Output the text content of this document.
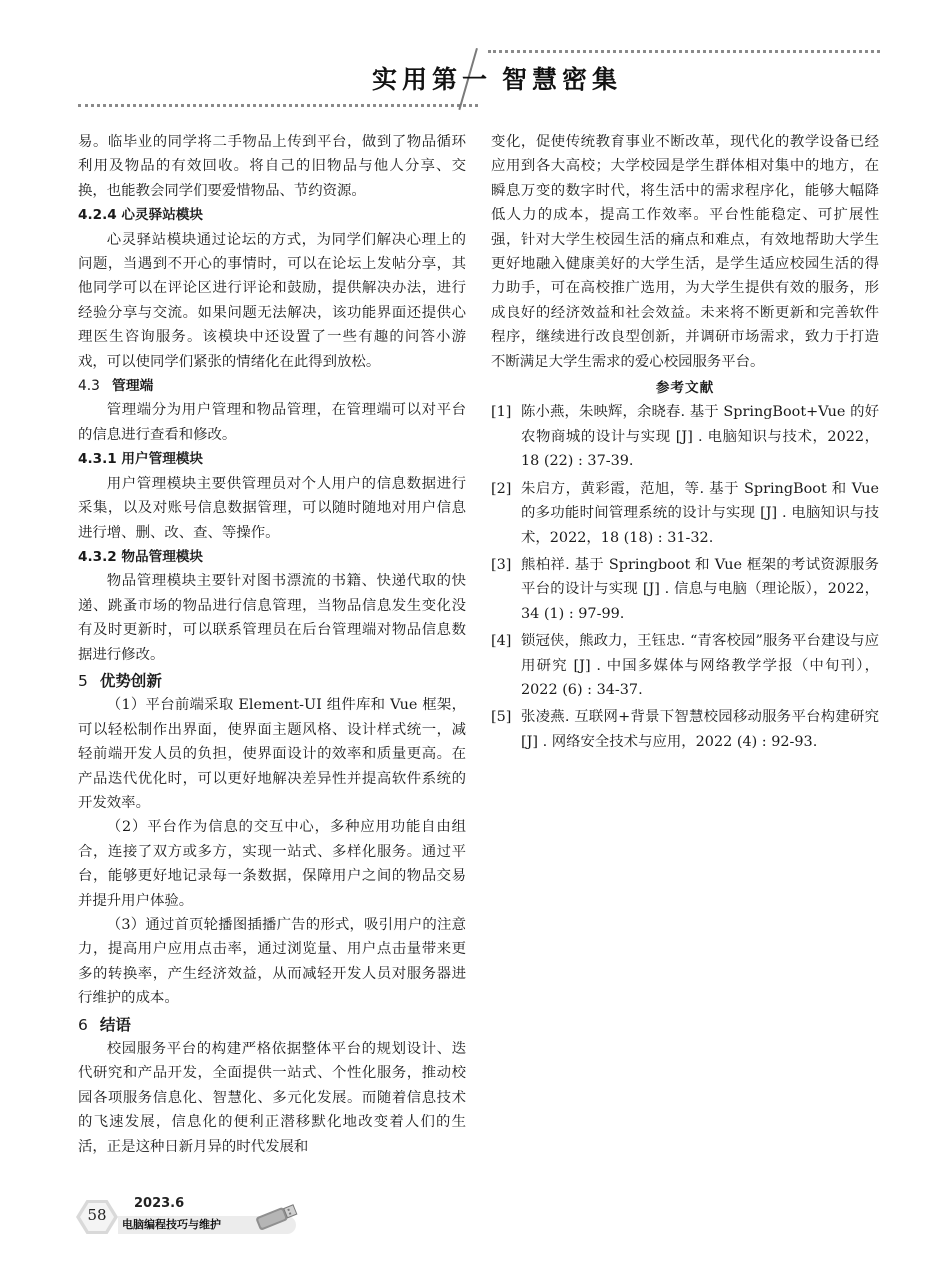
实用第一 智慧密集

易。临毕业的同学将二手物品上传到平台，做到了物品循环利用及物品的有效回收。将自己的旧物品与他人分享、交换，也能教会同学们要爱惜物品、节约资源。

4.2.4 心灵驿站模块

心灵驿站模块通过论坛的方式，为同学们解决心理上的问题，当遇到不开心的事情时，可以在论坛上发帖分享，其他同学可以在评论区进行评论和鼓励，提供解决办法，进行经验分享与交流。如果问题无法解决，该功能界面还提供心理医生咨询服务。该模块中还设置了一些有趣的问答小游戏，可以使同学们紧张的情绪化在此得到放松。

4.3 管理端

管理端分为用户管理和物品管理，在管理端可以对平台的信息进行查看和修改。

4.3.1 用户管理模块

用户管理模块主要供管理员对个人用户的信息数据进行采集，以及对账号信息数据管理，可以随时随地对用户信息进行增、删、改、查、等操作。

4.3.2 物品管理模块

物品管理模块主要针对图书漂流的书籍、快递代取的快递、跳蚤市场的物品进行信息管理，当物品信息发生变化没有及时更新时，可以联系管理员在后台管理端对物品信息数据进行修改。

5 优势创新

（1）平台前端采取 Element-UI 组件库和 Vue 框架，可以轻松制作出界面，使界面主题风格、设计样式统一，减轻前端开发人员的负担，使界面设计的效率和质量更高。在产品迭代优化时，可以更好地解决差异性并提高软件系统的开发效率。

（2）平台作为信息的交互中心，多种应用功能自由组合，连接了双方或多方，实现一站式、多样化服务。通过平台，能够更好地记录每一条数据，保障用户之间的物品交易并提升用户体验。

（3）通过首页轮播图插播广告的形式，吸引用户的注意力，提高用户应用点击率，通过浏览量、用户点击量带来更多的转换率，产生经济效益，从而减轻开发人员对服务器进行维护的成本。

6 结语

校园服务平台的构建严格依据整体平台的规划设计、迭代研究和产品开发，全面提供一站式、个性化服务，推动校园各项服务信息化、智慧化、多元化发展。而随着信息技术的飞速发展，信息化的便利正潜移默化地改变着人们的生活，正是这种日新月异的时代发展和

变化，促使传统教育事业不断改革，现代化的教学设备已经应用到各大高校；大学校园是学生群体相对集中的地方，在瞬息万变的数字时代，将生活中的需求程序化，能够大幅降低人力的成本，提高工作效率。平台性能稳定、可扩展性强，针对大学生校园生活的痛点和难点，有效地帮助大学生更好地融入健康美好的大学生活，是学生适应校园生活的得力助手，可在高校推广选用，为大学生提供有效的服务，形成良好的经济效益和社会效益。未来将不断更新和完善软件程序，继续进行改良型创新，并调研市场需求，致力于打造不断满足大学生需求的爱心校园服务平台。

参考文献
[1] 陈小燕，朱映辉，余晓春. 基于 SpringBoot+Vue 的好农物商城的设计与实现 [J] . 电脑知识与技术，2022，18 (22) : 37-39.
[2] 朱启方，黄彩霞，范旭，等. 基于 SpringBoot 和 Vue 的多功能时间管理系统的设计与实现 [J] . 电脑知识与技术，2022，18 (18) : 31-32.
[3] 熊柏祥. 基于 Springboot 和 Vue 框架的考试资源服务平台的设计与实现 [J] . 信息与电脑（理论版），2022，34 (1) : 97-99.
[4] 锁冠侠，熊政力，王钰忠. “青客校园”服务平台建设与应用研究 [J] . 中国多媒体与网络教学学报（中旬刊），2022 (6) : 34-37.
[5] 张凌燕. 互联网+背景下智慧校园移动服务平台构建研究 [J] . 网络安全技术与应用，2022 (4) : 92-93.
58
2023.6
电脑编程技巧与维护
